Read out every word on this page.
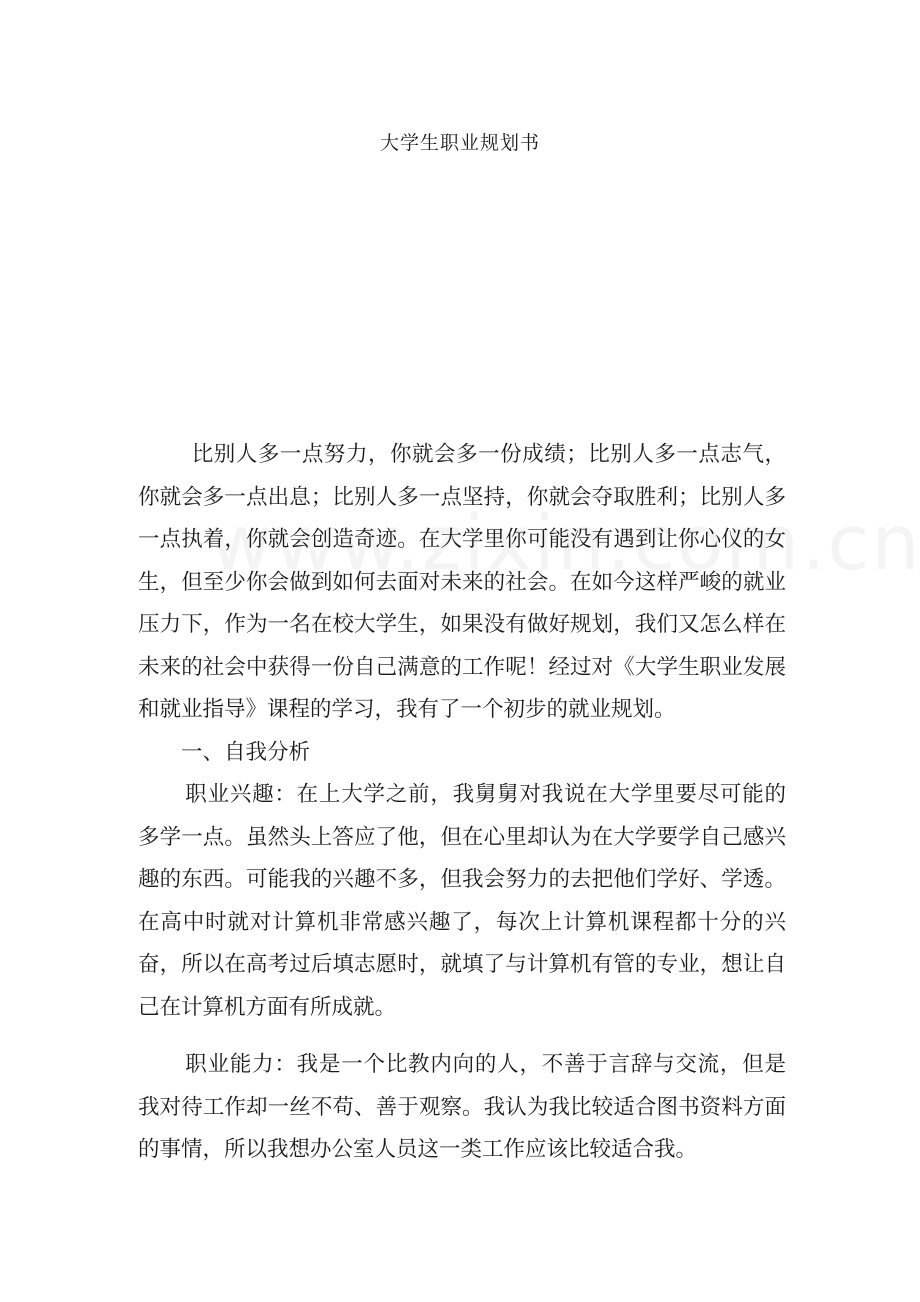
大学生职业规划书

比别人多一点努力，你就会多一份成绩；比别人多一点志气，你就会多一点出息；比别人多一点坚持，你就会夺取胜利；比别人多一点执着，你就会创造奇迹。在大学里你可能没有遇到让你心仪的女生，但至少你会做到如何去面对未来的社会。在如今这样严峻的就业压力下，作为一名在校大学生，如果没有做好规划，我们又怎么样在未来的社会中获得一份自己满意的工作呢！经过对《大学生职业发展和就业指导》课程的学习，我有了一个初步的就业规划。

一、自我分析

职业兴趣：在上大学之前，我舅舅对我说在大学里要尽可能的多学一点。虽然头上答应了他，但在心里却认为在大学要学自己感兴趣的东西。可能我的兴趣不多，但我会努力的去把他们学好、学透。在高中时就对计算机非常感兴趣了，每次上计算机课程都十分的兴奋，所以在高考过后填志愿时，就填了与计算机有管的专业，想让自己在计算机方面有所成就。

职业能力：我是一个比教内向的人，不善于言辞与交流，但是我对待工作却一丝不苟、善于观察。我认为我比较适合图书资料方面的事情，所以我想办公室人员这一类工作应该比较适合我。
